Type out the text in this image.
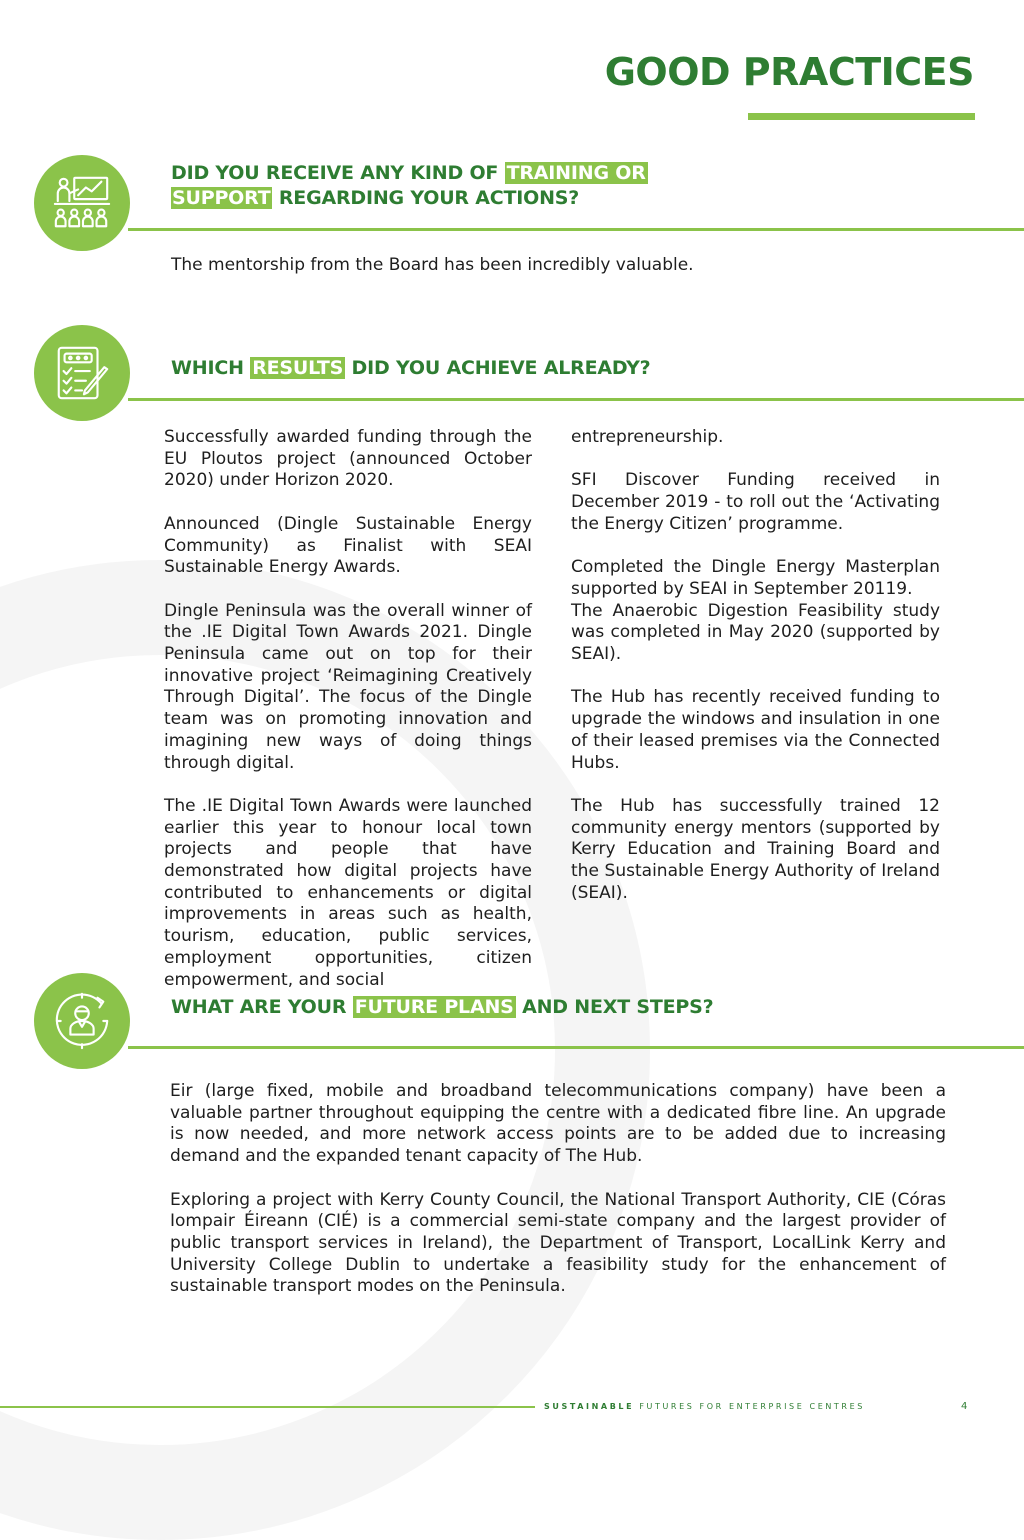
GOOD PRACTICES
DID YOU RECEIVE ANY KIND OF TRAINING OR
SUPPORT REGARDING YOUR ACTIONS?

The mentorship from the Board has been incredibly valuable.

WHICH RESULTS DID YOU ACHIEVE ALREADY?

Successfully awarded funding through the EU Ploutos project (announced October 2020) under Horizon 2020.

Announced (Dingle Sustainable Energy Community) as Finalist with SEAI Sustainable Energy Awards.

Dingle Peninsula was the overall winner of the .IE Digital Town Awards 2021. Dingle Peninsula came out on top for their innovative project ‘Reimagining Creatively Through Digital’. The focus of the Dingle team was on promoting innovation and imagining new ways of doing things through digital.

The .IE Digital Town Awards were launched earlier this year to honour local town projects and people that have demonstrated how digital projects have contributed to enhancements or digital improvements in areas such as health, tourism, education, public services, employment opportunities, citizen empowerment, and social

entrepreneurship.

SFI Discover Funding received in December 2019 - to roll out the ‘Activating the Energy Citizen’ programme.

Completed the Dingle Energy Masterplan supported by SEAI in September 20119.

The Anaerobic Digestion Feasibility study was completed in May 2020 (supported by SEAI).

The Hub has recently received funding to upgrade the windows and insulation in one of their leased premises via the Connected Hubs.

The Hub has successfully trained 12 community energy mentors (supported by Kerry Education and Training Board and the Sustainable Energy Authority of Ireland (SEAI).

WHAT ARE YOUR FUTURE PLANS AND NEXT STEPS?

Eir (large fixed, mobile and broadband telecommunications company) have been a valuable partner throughout equipping the centre with a dedicated fibre line. An upgrade is now needed, and more network access points are to be added due to increasing demand and the expanded tenant capacity of The Hub.

Exploring a project with Kerry County Council, the National Transport Authority, CIE (Córas Iompair Éireann (CIÉ) is a commercial semi-state company and the largest provider of public transport services in Ireland), the Department of Transport, LocalLink Kerry and University College Dublin to undertake a feasibility study for the enhancement of sustainable transport modes on the Peninsula.

SUSTAINABLE FUTURES FOR ENTERPRISE CENTRES	4
